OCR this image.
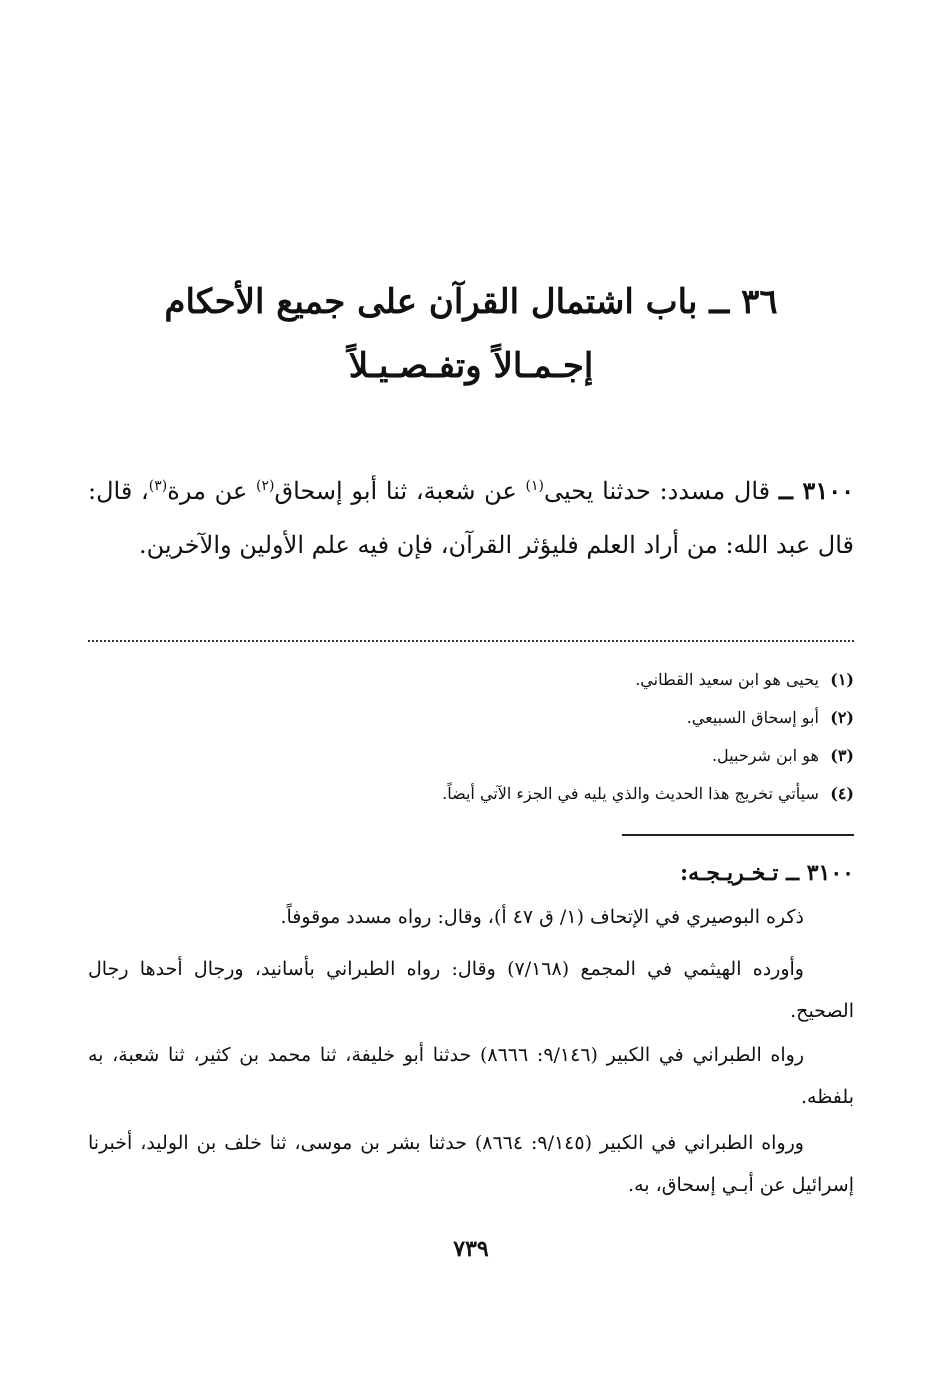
٣٦ ــ باب اشتمال القرآن على جميع الأحكام
إجـمـالاً وتفـصـيـلاً
٣١٠٠ ــ قال مسدد: حدثنا يحيى$^{(١)}$ عن شعبة، ثنا أبو إسحاق$^{(٢)}$ عن مرة$^{(٣)}$، قال: قال عبد الله: من أراد العلم فليؤثر القرآن، فإن فيه علم الأولين والآخرين.
(١) يحيى هو ابن سعيد القطاني.
(٢) أبو إسحاق السبيعي.
(٣) هو ابن شرحبيل.
(٤) سيأتي تخريج هذا الحديث والذي يليه في الجزء الآتي أيضاً.
٣١٠٠ ــ تـخـريـجـه:
ذكره البوصيري في الإتحاف (١/ ق ٤٧ أ)، وقال: رواه مسدد موقوفاً.
وأورده الهيثمي في المجمع (٧/١٦٨) وقال: رواه الطبراني بأسانيد، ورجال أحدها رجال الصحيح.
رواه الطبراني في الكبير (٩/١٤٦: ٨٦٦٦) حدثنا أبو خليفة، ثنا محمد بن كثير، ثنا شعبة، به بلفظه.
ورواه الطبراني في الكبير (٩/١٤٥: ٨٦٦٤) حدثنا بشر بن موسى، ثنا خلف بن الوليد، أخبرنا إسرائيل عن أبـي إسحاق، به.
٧٣٩
